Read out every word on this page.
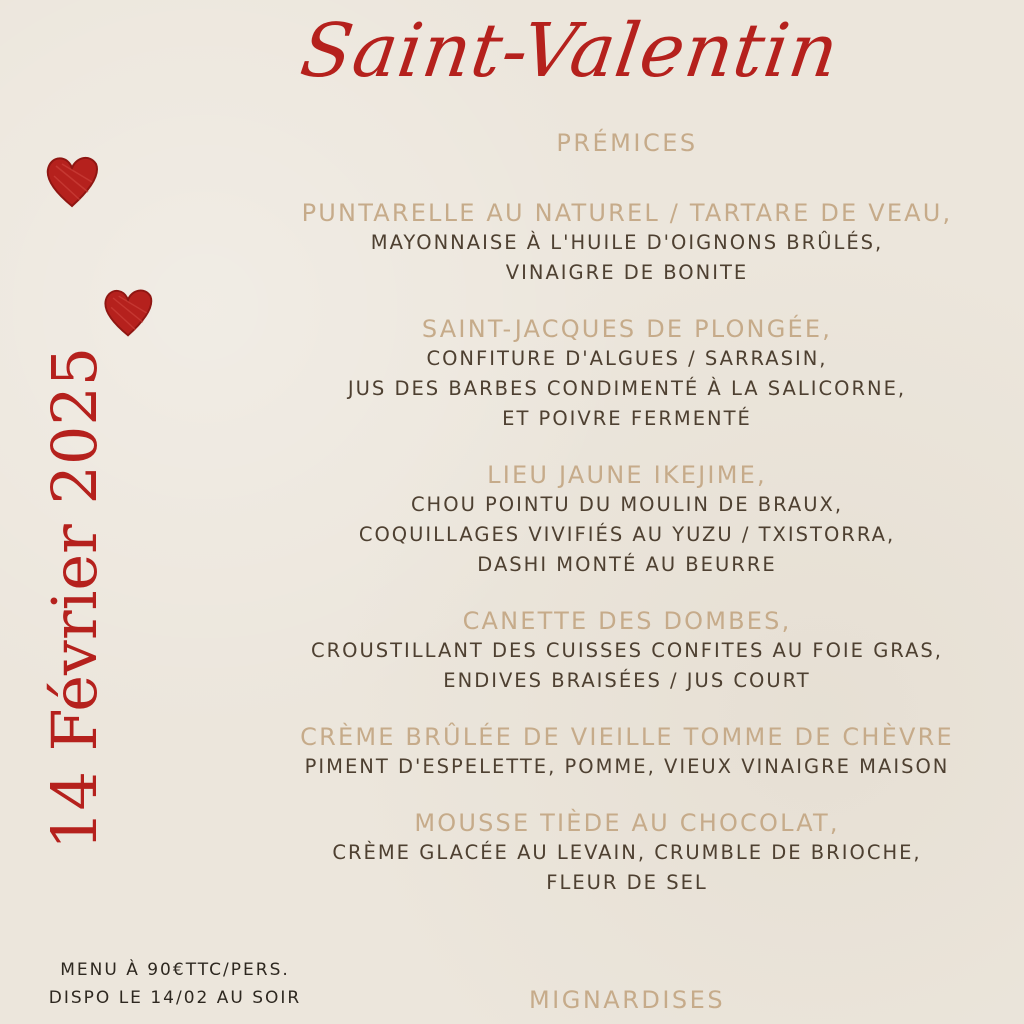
Saint-Valentin
14 Février 2025
PRÉMICES
PUNTARELLE AU NATUREL / TARTARE DE VEAU,
MAYONNAISE À L'HUILE D'OIGNONS BRÛLÉS,
VINAIGRE DE BONITE
SAINT-JACQUES DE PLONGÉE,
CONFITURE D'ALGUES / SARRASIN,
JUS DES BARBES CONDIMENTÉ À LA SALICORNE,
ET POIVRE FERMENTÉ
LIEU JAUNE IKEJIME,
CHOU POINTU DU MOULIN DE BRAUX,
COQUILLAGES VIVIFIÉS AU YUZU / TXISTORRA,
DASHI MONTÉ AU BEURRE
CANETTE DES DOMBES,
CROUSTILLANT DES CUISSES CONFITES AU FOIE GRAS,
ENDIVES BRAISÉES / JUS COURT
CRÈME BRÛLÉE DE VIEILLE TOMME DE CHÈVRE
PIMENT D'ESPELETTE, POMME, VIEUX VINAIGRE MAISON
MOUSSE TIÈDE AU CHOCOLAT,
CRÈME GLACÉE AU LEVAIN, CRUMBLE DE BRIOCHE,
FLEUR DE SEL
MIGNARDISES
MENU À 90€TTC/PERS.
DISPO LE 14/02 AU SOIR
